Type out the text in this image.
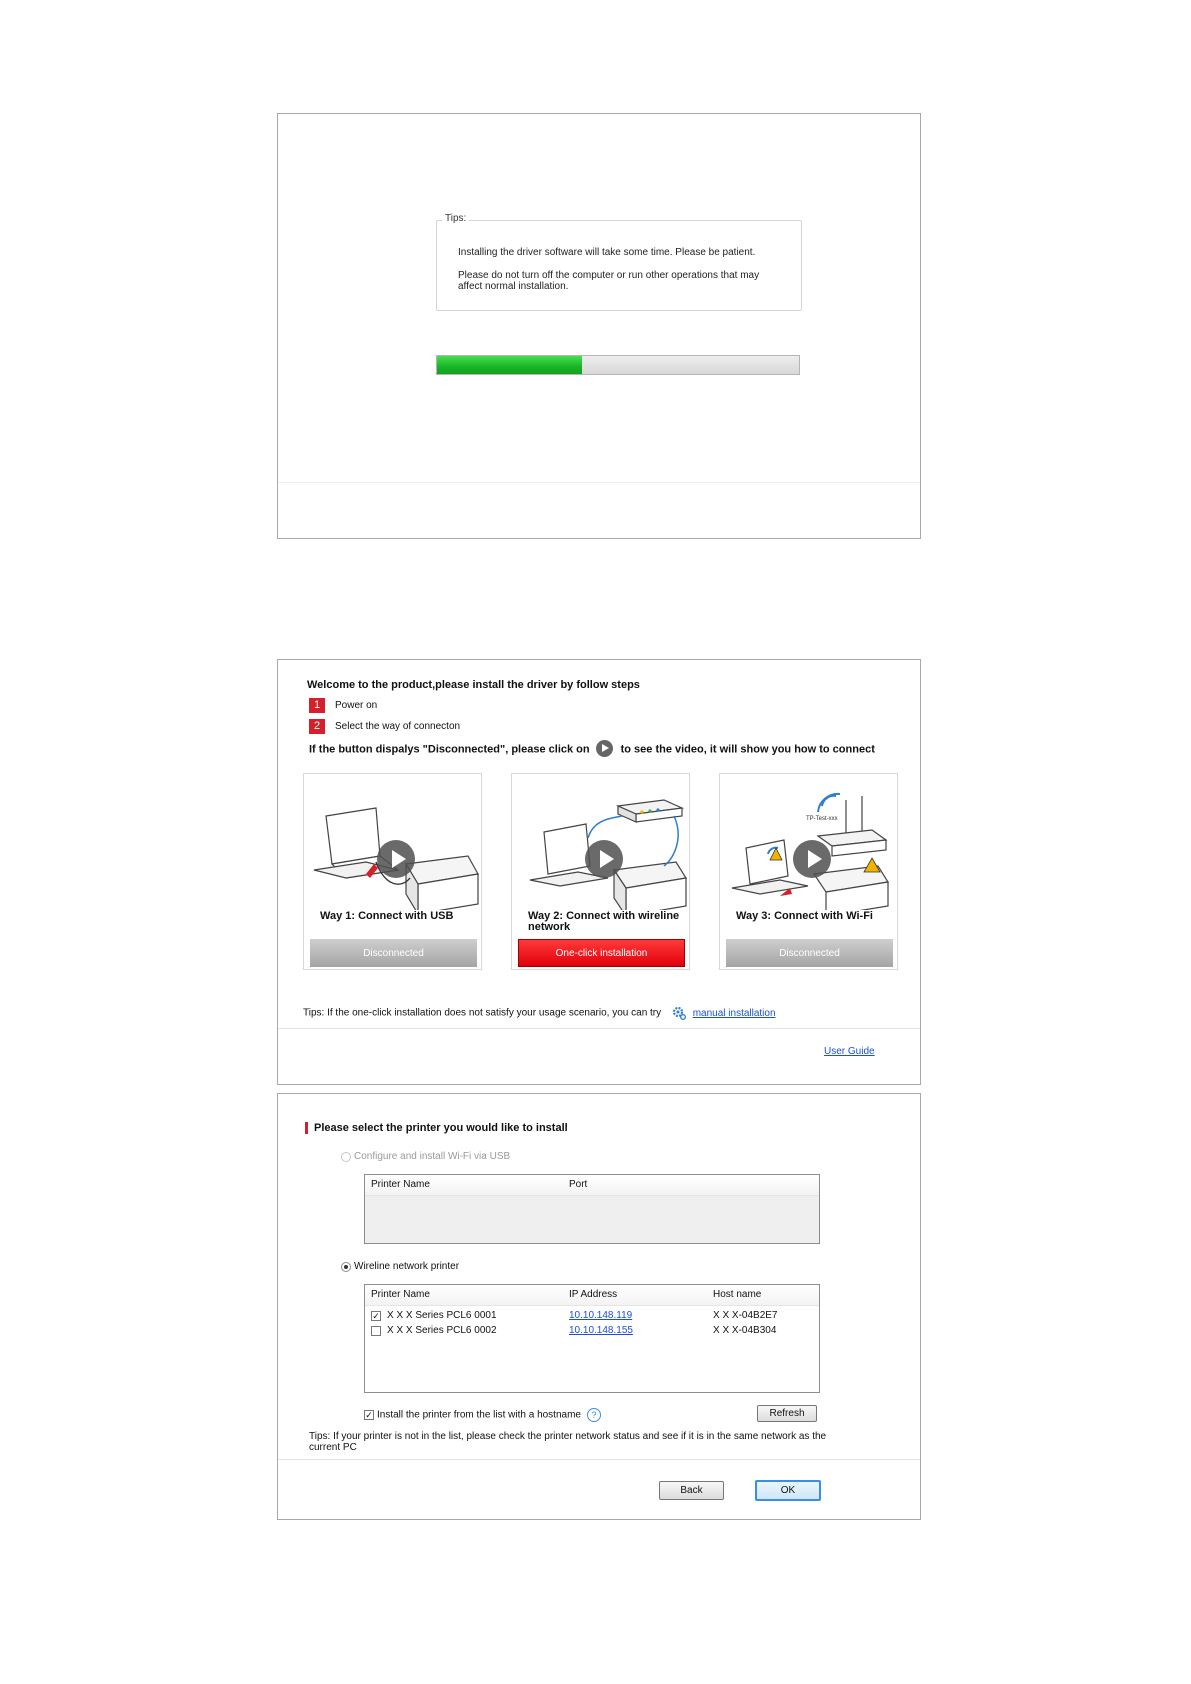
Tips:
Installing the driver software will take some time. Please be patient.
Please do not turn off the computer or run other operations that may affect normal installation.
Welcome to the product,please install the driver by follow steps
1	Power on
2	Select the way of connecton
If the button dispalys "Disconnected", please click on	to see the video, it will show you how to connect
Way 1: Connect with USB
Disconnected
Way 2: Connect with wireline network
One-click installation
TP-Test-xxx
Way 3: Connect with Wi-Fi
Disconnected
Tips: If the one-click installation does not satisfy your usage scenario, you can try	manual installation
User Guide
Please select the printer you would like to install
Configure and install Wi-Fi via USB
Printer Name	Port
Wireline network printer
Printer Name	IP Address	Host name
✓ X X X Series PCL6 0001	10.10.148.119	X X X-04B2E7
X X X Series PCL6 0002	10.10.148.155	X X X-04B304
✓ Install the printer from the list with a hostname ?	Refresh
Tips: If your printer is not in the list, please check the printer network status and see if it is in the same network as the current PC
Back	OK
